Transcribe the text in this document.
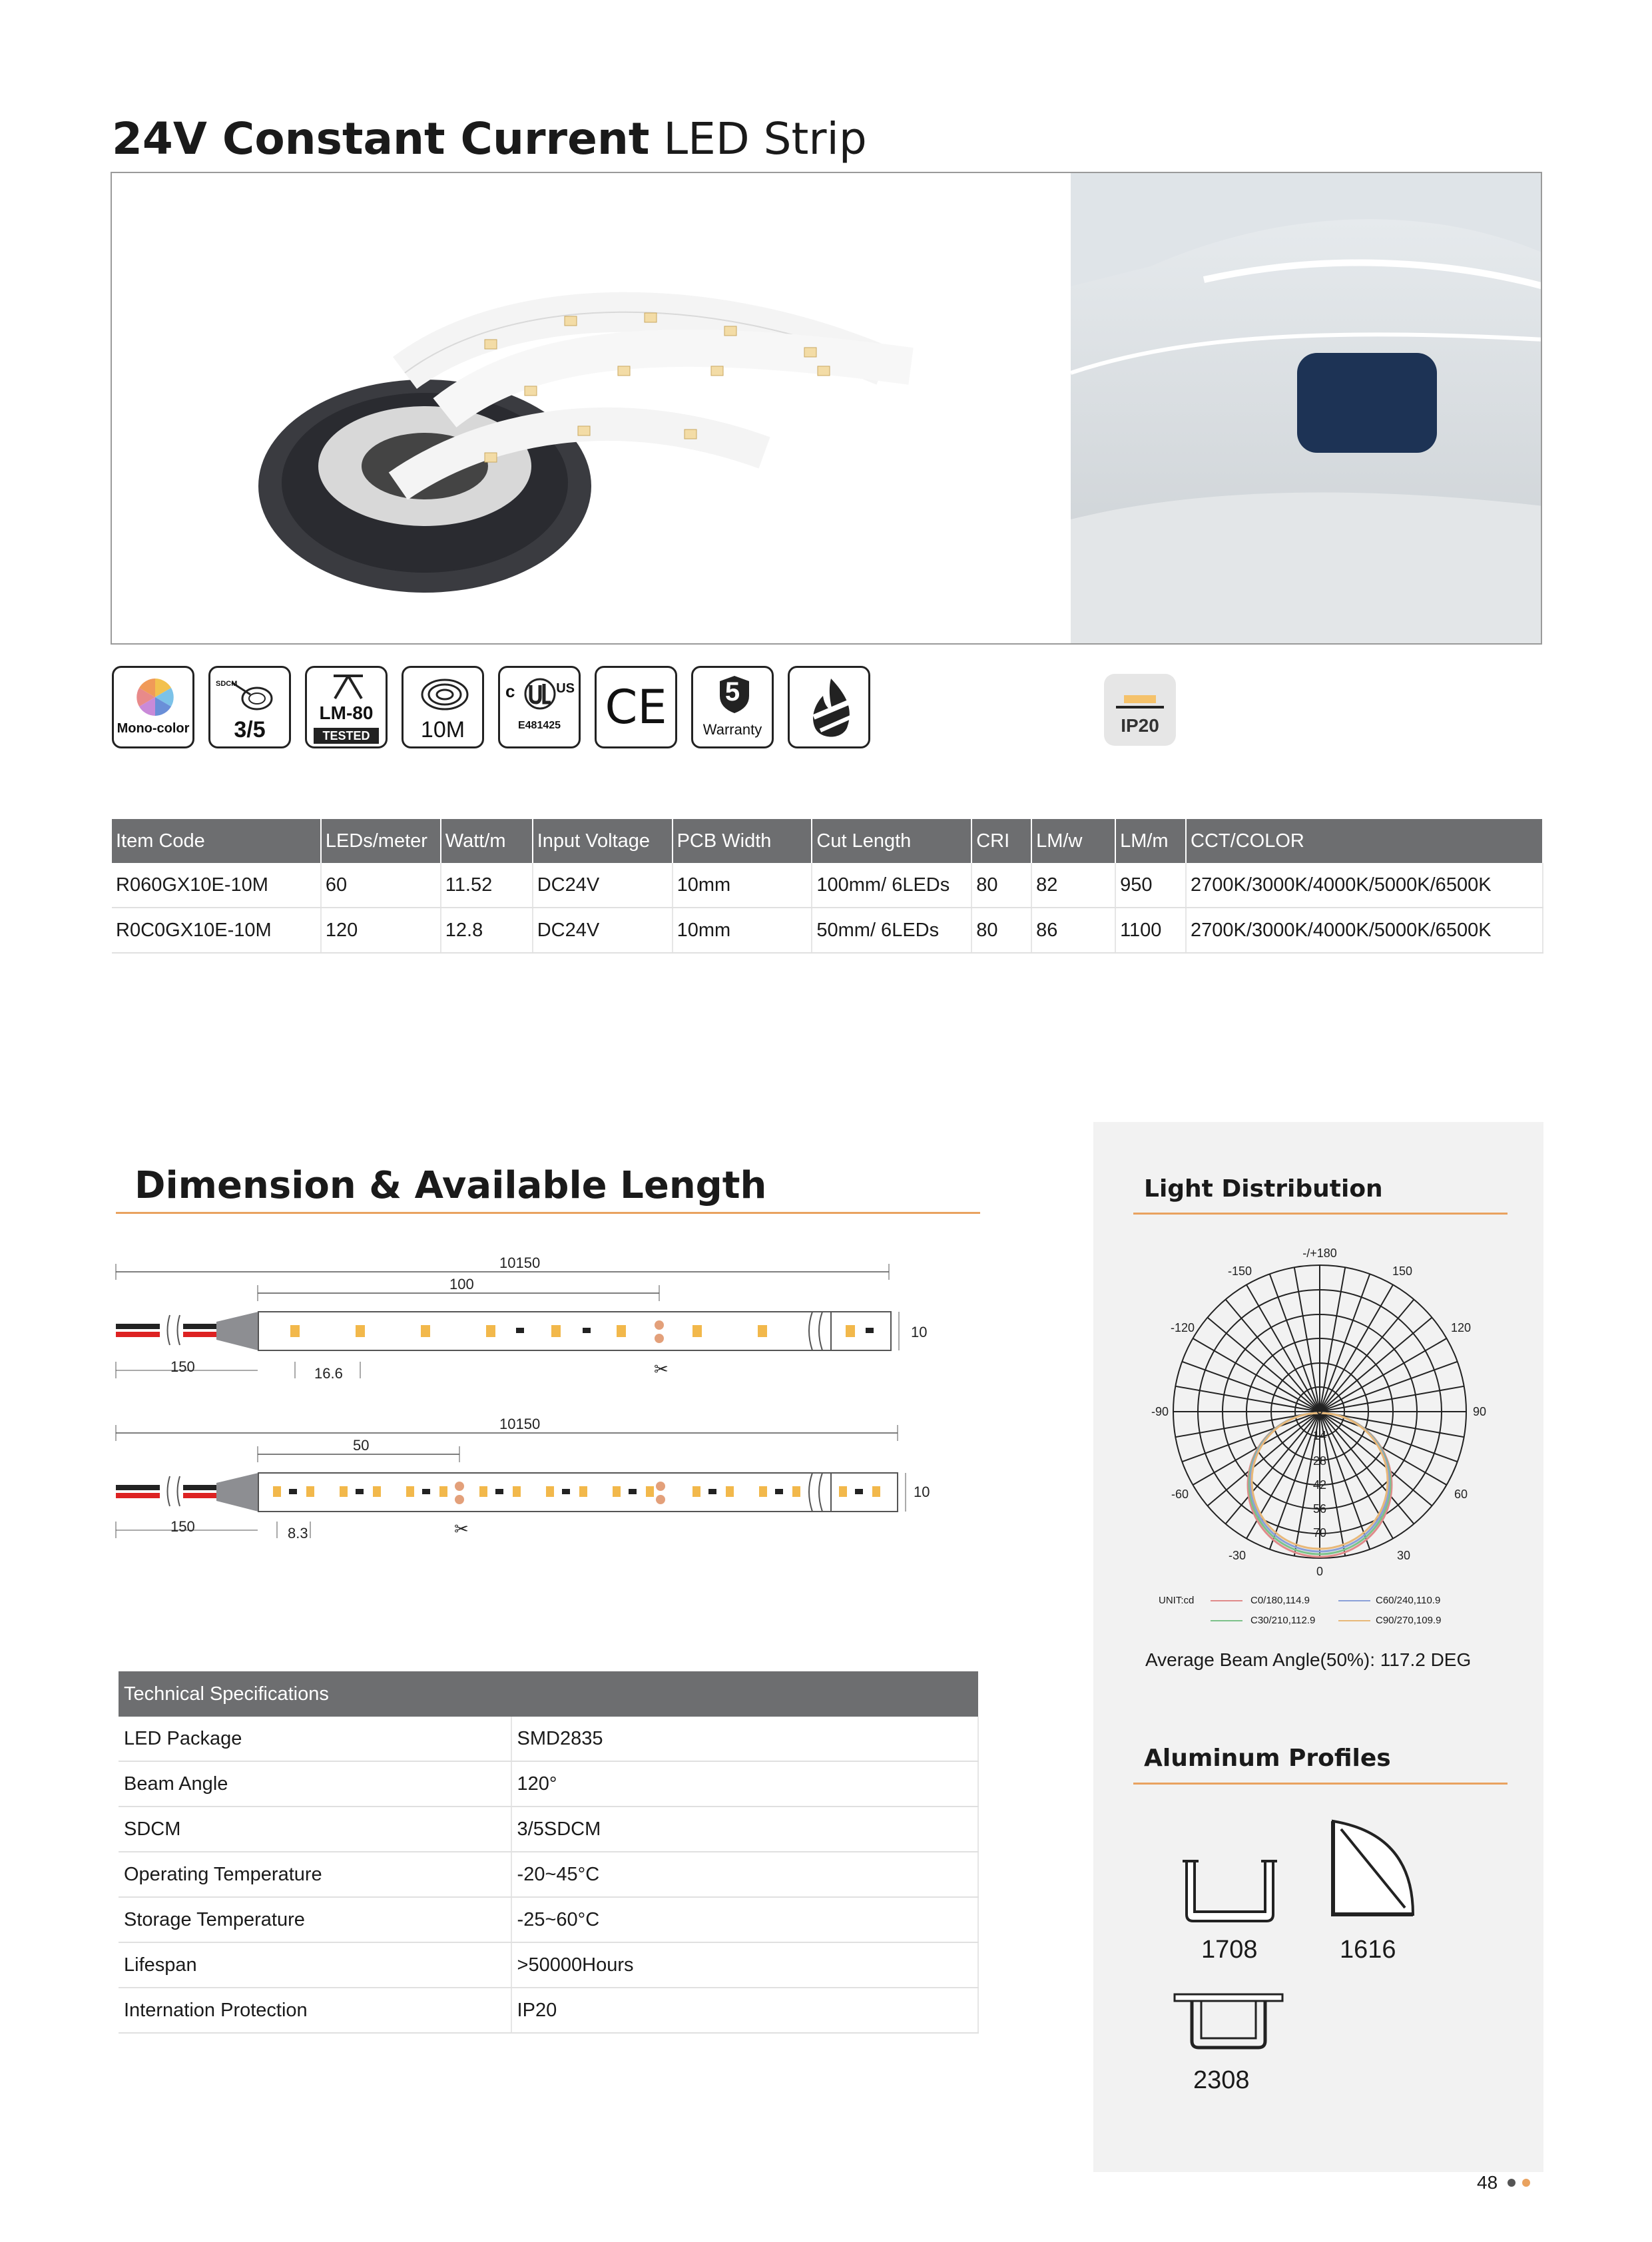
24V Constant Current LED Strip
Mono-color
SDCM
3/5
LM-80
TESTED	10M
c	US
E481425 CE	5
Warranty	IP20
Item Code	LEDs/meter	Watt/m	Input Voltage	PCB Width	Cut Length	CRI	LM/w	LM/m	CCT/COLOR
R060GX10E-10M	60	11.52	DC24V	10mm	100mm/ 6LEDs	80	82	950	2700K/3000K/4000K/5000K/6500K
R0C0GX10E-10M	120	12.8	DC24V	10mm	50mm/ 6LEDs	80	86	1100	2700K/3000K/4000K/5000K/6500K
Dimension & Available Length
10150
100
✂
10
150	16.6
10150
50
✂
10
150	8.3
Technical Specifications	
LED Package	SMD2835
Beam Angle	120°
SDCM	3/5SDCM
Operating Temperature	-20~45°C
Storage Temperature	-25~60°C
Lifespan	>50000Hours
Internation Protection	IP20
Light Distribution
-/+180
-150	150
-120	120
-90	90
-60	60
-30	30
0
0
14
28
42
56
70
UNIT:cd	C0/180,114.9	C60/240,110.9
C30/210,112.9	C90/270,109.9
Average Beam Angle(50%): 117.2 DEG
Aluminum Profiles
1708	1616
2308
48
